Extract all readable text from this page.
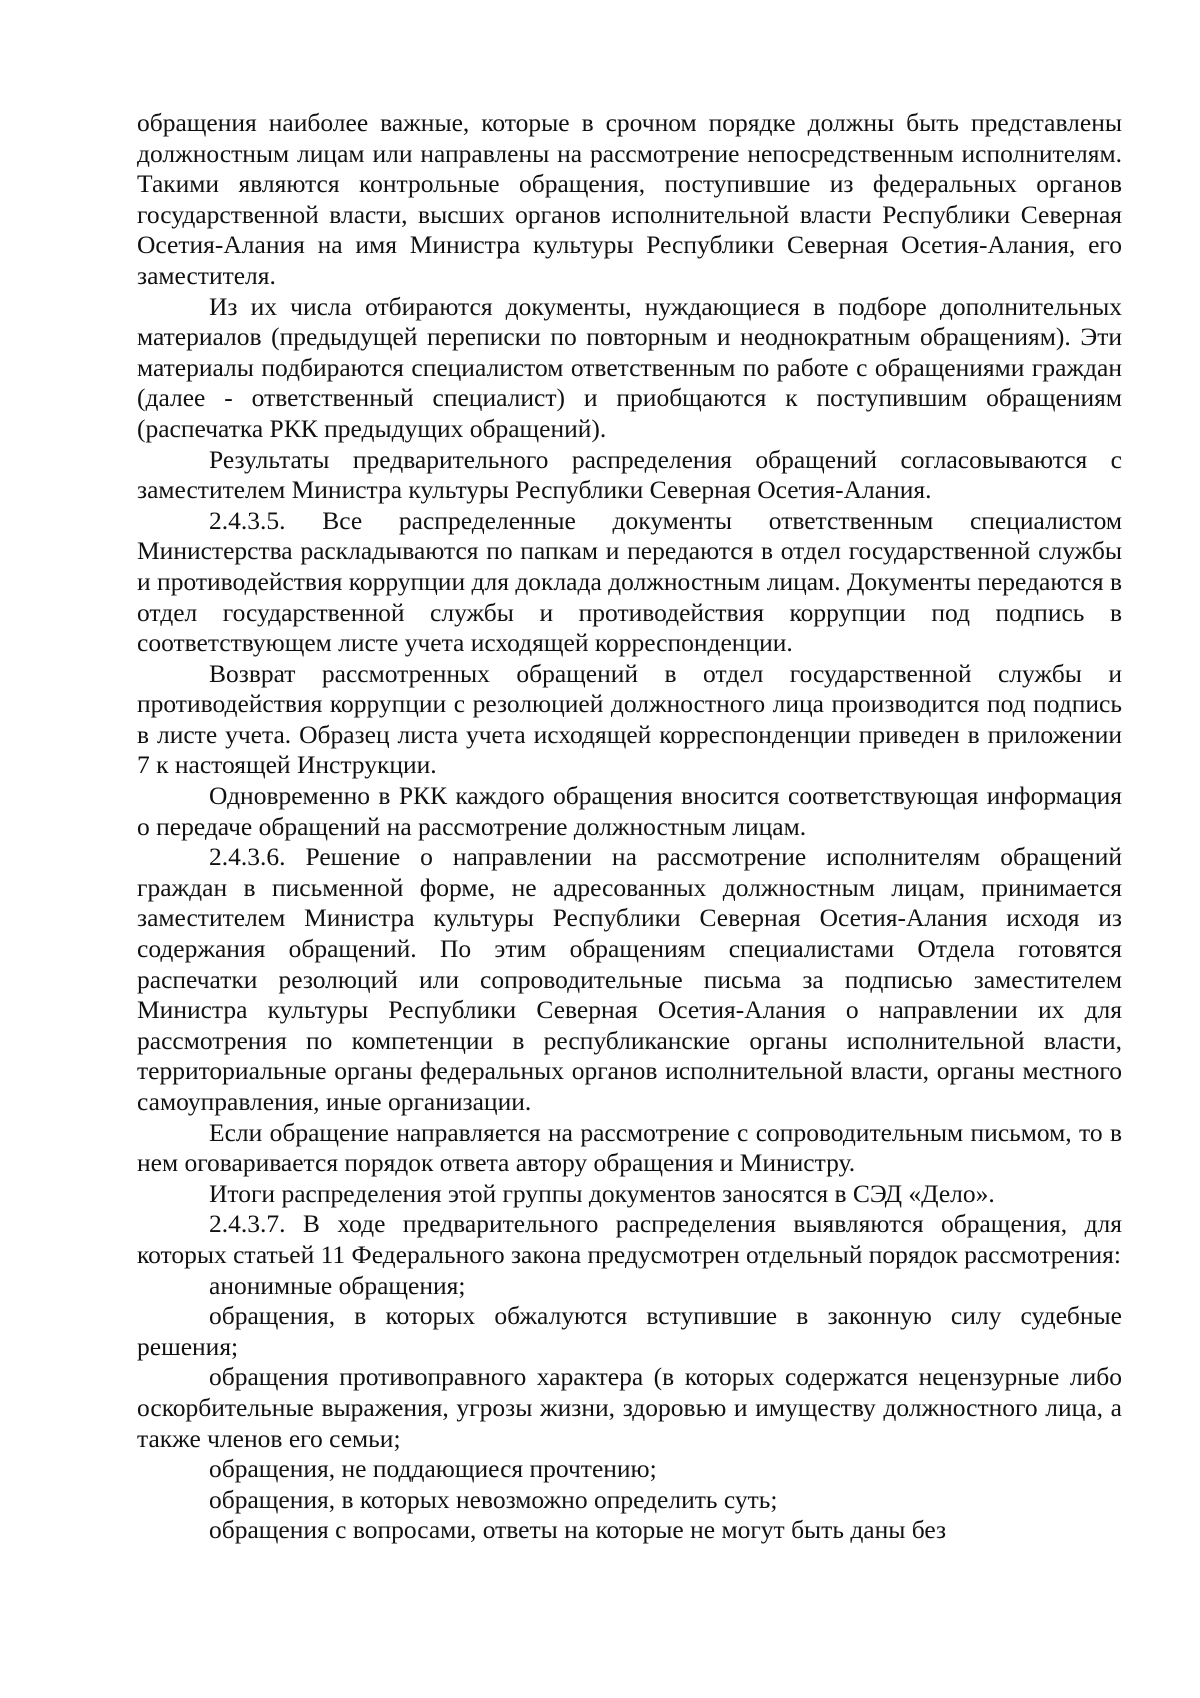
обращения наиболее важные, которые в срочном порядке должны быть представлены должностным лицам или направлены на рассмотрение непосредственным исполнителям. Такими являются контрольные обращения, поступившие из федеральных органов государственной власти, высших органов исполнительной власти Республики Северная Осетия-Алания на имя Министра культуры Республики Северная Осетия-Алания, его заместителя.

Из их числа отбираются документы, нуждающиеся в подборе дополнительных материалов (предыдущей переписки по повторным и неоднократным обращениям). Эти материалы подбираются специалистом ответственным по работе с обращениями граждан (далее - ответственный специалист) и приобщаются к поступившим обращениям (распечатка РКК предыдущих обращений).

Результаты предварительного распределения обращений согласовываются с заместителем Министра культуры Республики Северная Осетия-Алания.

2.4.3.5. Все распределенные документы ответственным специалистом Министерства раскладываются по папкам и передаются в отдел государственной службы и противодействия коррупции для доклада должностным лицам. Документы передаются в отдел государственной службы и противодействия коррупции под подпись в соответствующем листе учета исходящей корреспонденции.

Возврат рассмотренных обращений в отдел государственной службы и противодействия коррупции с резолюцией должностного лица производится под подпись в листе учета. Образец листа учета исходящей корреспонденции приведен в приложении 7 к настоящей Инструкции.

Одновременно в РКК каждого обращения вносится соответствующая информация о передаче обращений на рассмотрение должностным лицам.

2.4.3.6. Решение о направлении на рассмотрение исполнителям обращений граждан в письменной форме, не адресованных должностным лицам, принимается заместителем Министра культуры Республики Северная Осетия-Алания исходя из содержания обращений. По этим обращениям специалистами Отдела готовятся распечатки резолюций или сопроводительные письма за подписью заместителем Министра культуры Республики Северная Осетия-Алания о направлении их для рассмотрения по компетенции в республиканские органы исполнительной власти, территориальные органы федеральных органов исполнительной власти, органы местного самоуправления, иные организации.

Если обращение направляется на рассмотрение с сопроводительным письмом, то в нем оговаривается порядок ответа автору обращения и Министру.

Итоги распределения этой группы документов заносятся в СЭД «Дело».

2.4.3.7. В ходе предварительного распределения выявляются обращения, для которых статьей 11 Федерального закона предусмотрен отдельный порядок рассмотрения:

анонимные обращения;

обращения, в которых обжалуются вступившие в законную силу судебные решения;

обращения противоправного характера (в которых содержатся нецензурные либо оскорбительные выражения, угрозы жизни, здоровью и имуществу должностного лица, а также членов его семьи;

обращения, не поддающиеся прочтению;

обращения, в которых невозможно определить суть;

обращения с вопросами, ответы на которые не могут быть даны без
